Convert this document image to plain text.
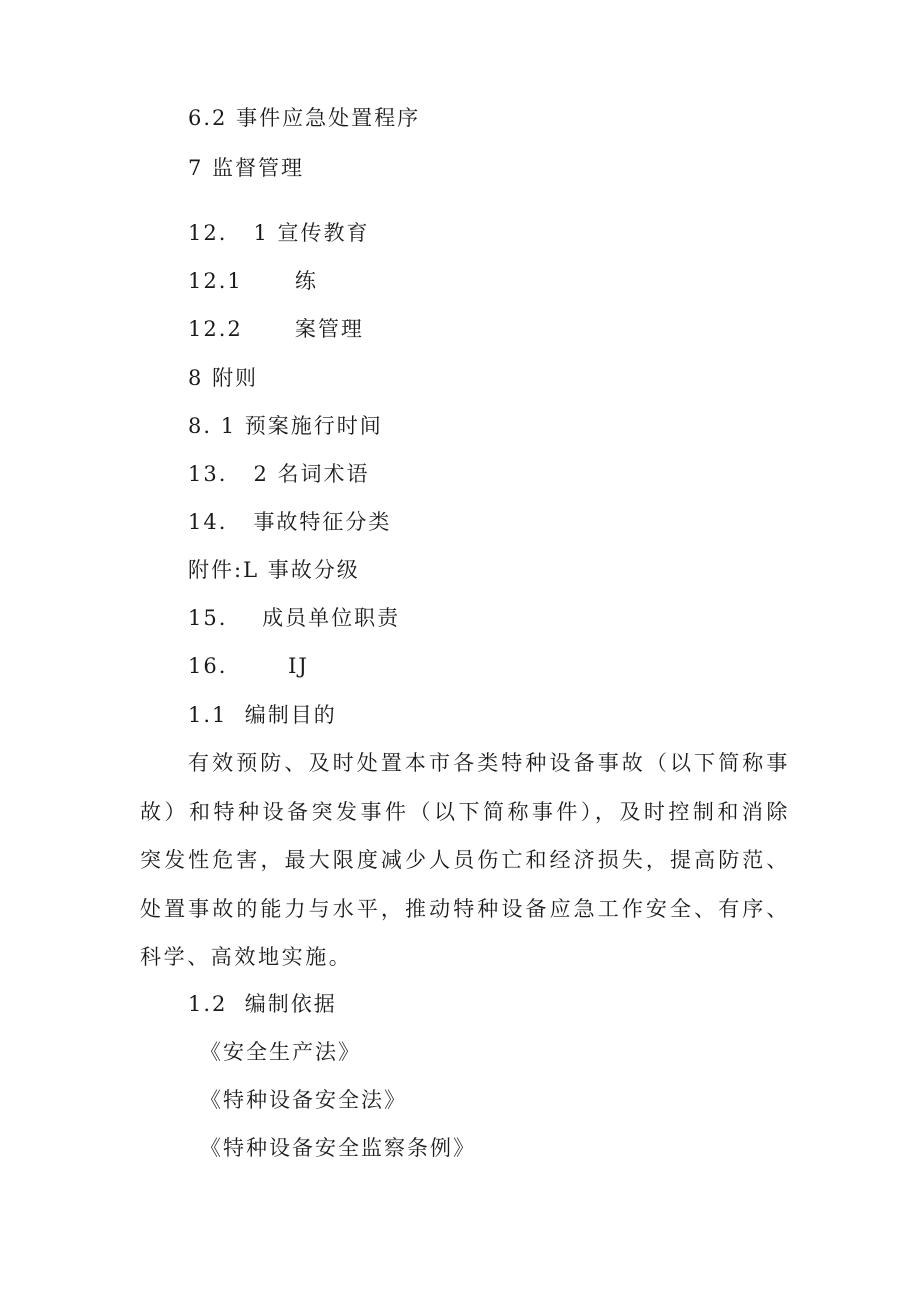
6.2 事件应急处置程序
7 监督管理
12. 1 宣传教育
12.1 练
12.2 案管理
8 附则
8. 1 预案施行时间
13. 2 名词术语
14. 事故特征分类
附件:L 事故分级
15. 成员单位职责
16.	IJ
1.1 编制目的
有效预防、及时处置本市各类特种设备事故（以下简称事故）和特种设备突发事件（以下简称事件），及时控制和消除突发性危害，最大限度减少人员伤亡和经济损失，提高防范、处置事故的能力与水平，推动特种设备应急工作安全、有序、科学、高效地实施。
1.2 编制依据
《安全生产法》
《特种设备安全法》
《特种设备安全监察条例》
